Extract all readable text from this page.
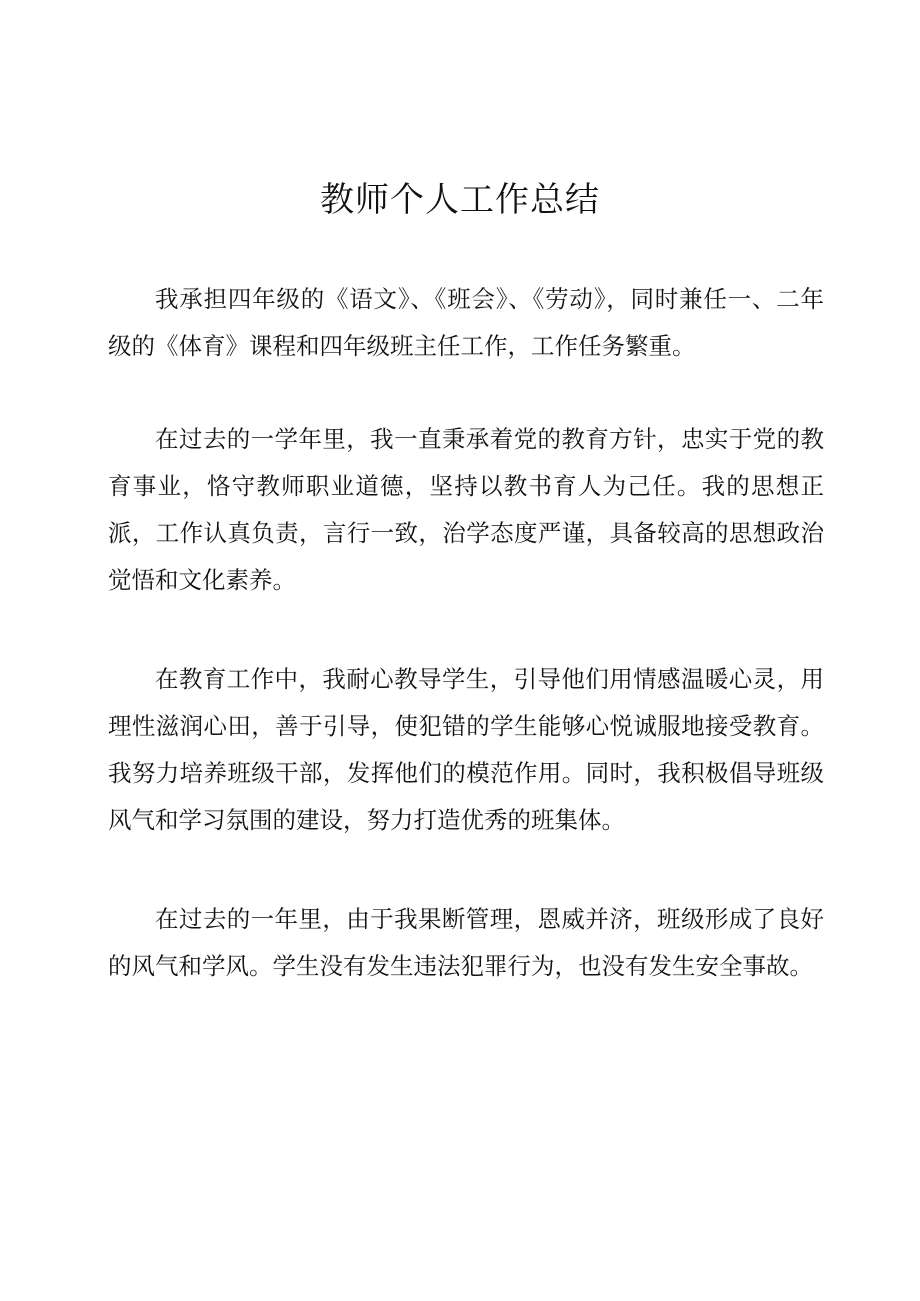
教师个人工作总结

我承担四年级的《语文》、《班会》、《劳动》，同时兼任一、二年级的《体育》课程和四年级班主任工作，工作任务繁重。

在过去的一学年里，我一直秉承着党的教育方针，忠实于党的教育事业，恪守教师职业道德，坚持以教书育人为己任。我的思想正派，工作认真负责，言行一致，治学态度严谨，具备较高的思想政治觉悟和文化素养。

在教育工作中，我耐心教导学生，引导他们用情感温暖心灵，用理性滋润心田，善于引导，使犯错的学生能够心悦诚服地接受教育。我努力培养班级干部，发挥他们的模范作用。同时，我积极倡导班级风气和学习氛围的建设，努力打造优秀的班集体。

在过去的一年里，由于我果断管理，恩威并济，班级形成了良好的风气和学风。学生没有发生违法犯罪行为，也没有发生安全事故。
